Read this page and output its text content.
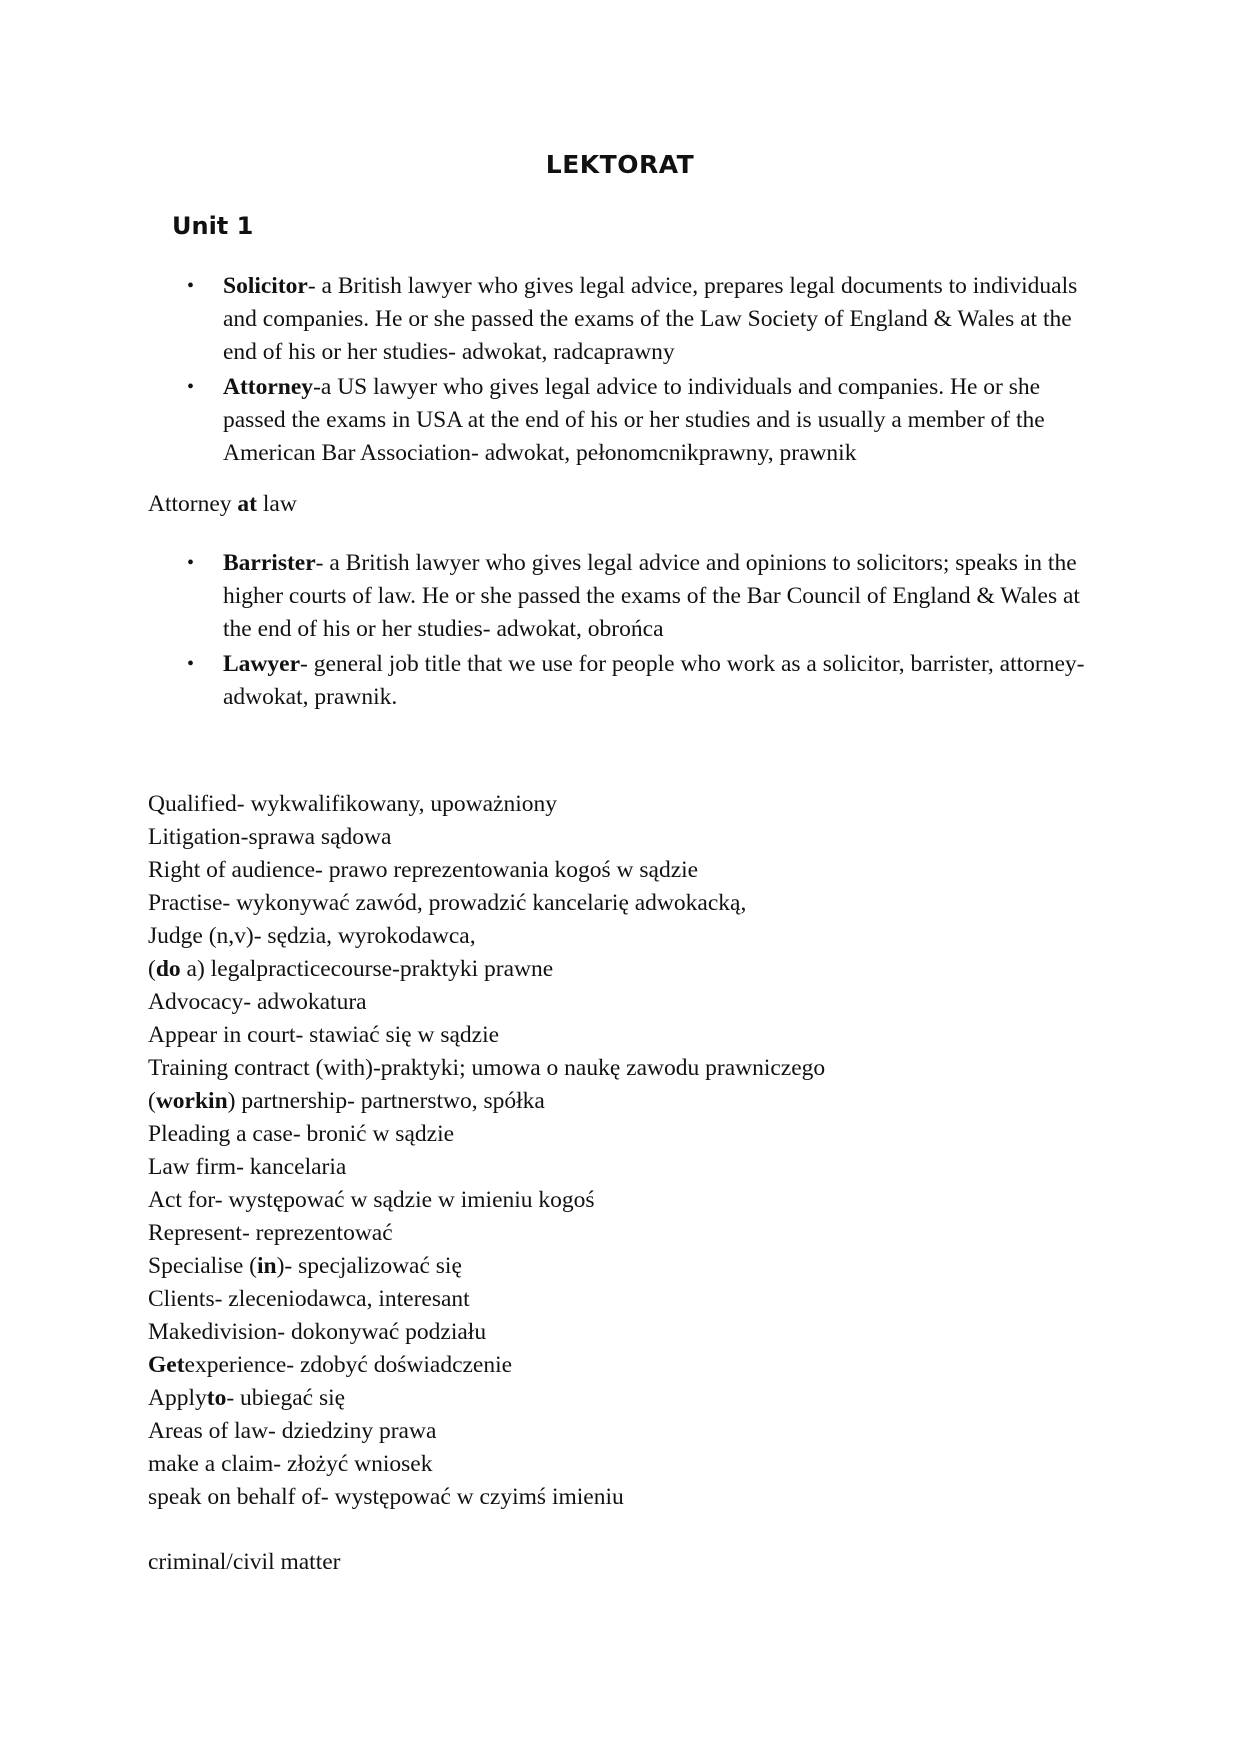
LEKTORAT
Unit 1
• Solicitor- a British lawyer who gives legal advice, prepares legal documents to individuals and companies. He or she passed the exams of the Law Society of England & Wales at the end of his or her studies- adwokat, radcaprawny
• Attorney-a US lawyer who gives legal advice to individuals and companies. He or she passed the exams in USA at the end of his or her studies and is usually a member of the American Bar Association- adwokat, pełonomcnikprawny, prawnik

Attorney at law

• Barrister- a British lawyer who gives legal advice and opinions to solicitors; speaks in the higher courts of law. He or she passed the exams of the Bar Council of England & Wales at the end of his or her studies- adwokat, obrońca
• Lawyer- general job title that we use for people who work as a solicitor, barrister, attorney- adwokat, prawnik.
Qualified- wykwalifikowany, upoważniony
Litigation-sprawa sądowa
Right of audience- prawo reprezentowania kogoś w sądzie
Practise- wykonywać zawód, prowadzić kancelarię adwokacką,
Judge (n,v)- sędzia, wyrokodawca,
(do a) legalpracticecourse-praktyki prawne
Advocacy- adwokatura
Appear in court- stawiać się w sądzie
Training contract (with)-praktyki; umowa o naukę zawodu prawniczego
(workin) partnership- partnerstwo, spółka
Pleading a case- bronić w sądzie
Law firm- kancelaria
Act for- występować w sądzie w imieniu kogoś
Represent- reprezentować
Specialise (in)- specjalizować się
Clients- zleceniodawca, interesant
Makedivision- dokonywać podziału
Getexperience- zdobyć doświadczenie
Applyto- ubiegać się
Areas of law- dziedziny prawa
make a claim- złożyć wniosek
speak on behalf of- występować w czyimś imieniu

criminal/civil matter
